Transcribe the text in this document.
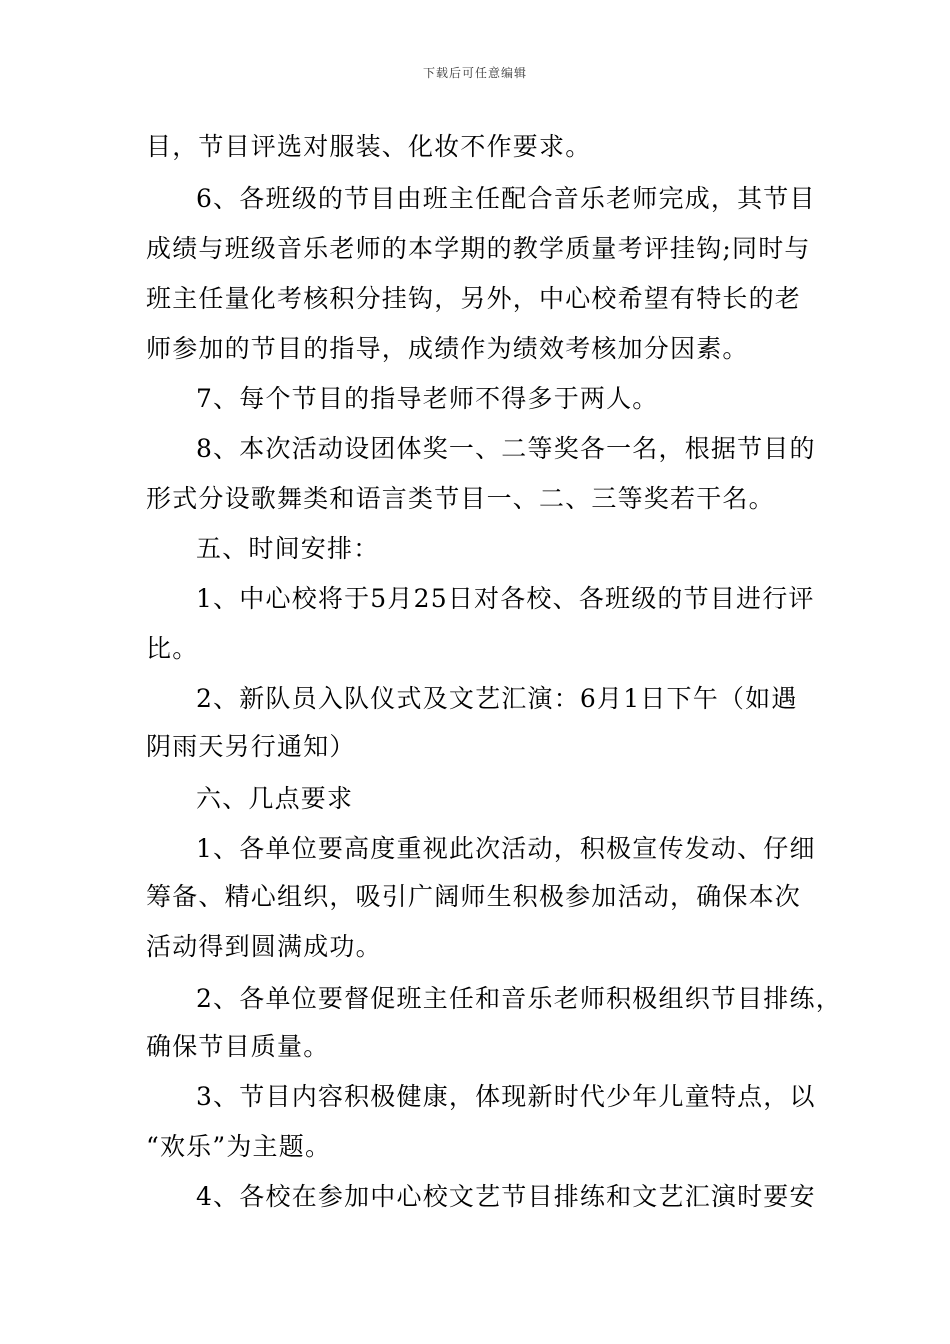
下载后可任意编辑
目，节目评选对服装、化妆不作要求。
6、各班级的节目由班主任配合音乐老师完成，其节目
成绩与班级音乐老师的本学期的教学质量考评挂钩;同时与
班主任量化考核积分挂钩，另外，中心校希望有特长的老
师参加的节目的指导，成绩作为绩效考核加分因素。
7、每个节目的指导老师不得多于两人。
8、本次活动设团体奖一、二等奖各一名，根据节目的
形式分设歌舞类和语言类节目一、二、三等奖若干名。
五、时间安排：
1、中心校将于5月25日对各校、各班级的节目进行评
比。
2、新队员入队仪式及文艺汇演：6月1日下午（如遇
阴雨天另行通知）
六、几点要求
1、各单位要高度重视此次活动，积极宣传发动、仔细
筹备、精心组织，吸引广阔师生积极参加活动，确保本次
活动得到圆满成功。
2、各单位要督促班主任和音乐老师积极组织节目排练，
确保节目质量。
3、节目内容积极健康，体现新时代少年儿童特点，以
“欢乐”为主题。
4、各校在参加中心校文艺节目排练和文艺汇演时要安
